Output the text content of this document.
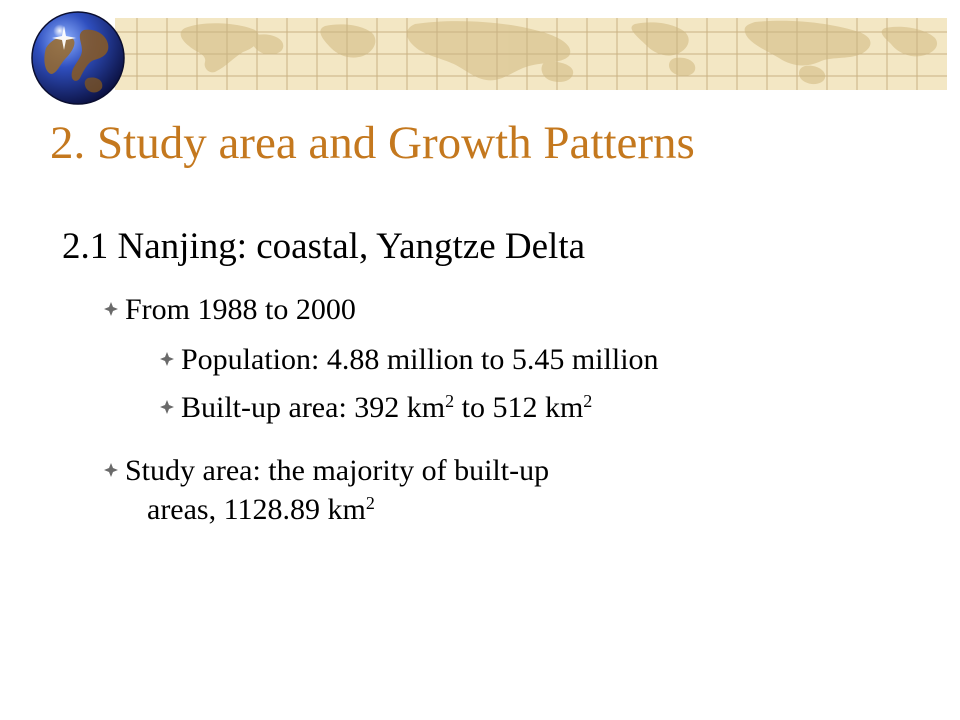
2. Study area and Growth Patterns
2.1 Nanjing: coastal, Yangtze Delta
From 1988 to 2000
Population: 4.88 million to 5.45 million
Built-up area: 392 $km^2$ to 512 $km^2$
Study area: the majority of built-up
areas, 1128.89 $km^2$
